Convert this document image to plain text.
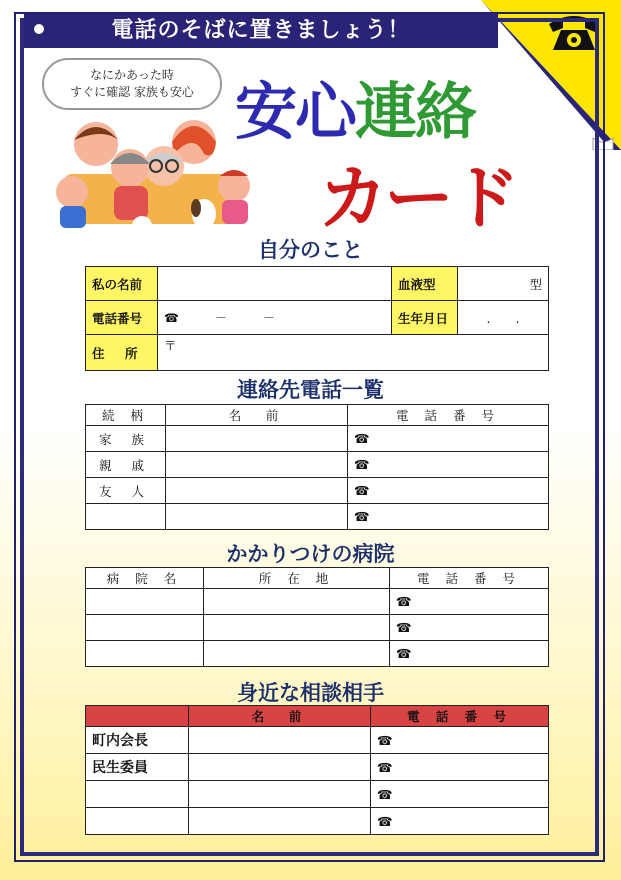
電話のそばに置きましょう！
なにかあった時
すぐに確認 家族も安心 安心連絡
カード
自分のこと
私の名前		血液型	型
電話番号	☎　　　－　　　－	生年月日	.　　.
住　所	〒		
連絡先電話一覧
続 柄	名　前	電 話 番 号
家 族		☎
親 戚		☎
友 人		☎
		☎
かかりつけの病院
病 院 名	所 在 地	電 話 番 号
		☎
		☎
		☎
身近な相談相手
	名　前	電 話 番 号
町内会長		☎
民生委員		☎
		☎
		☎
